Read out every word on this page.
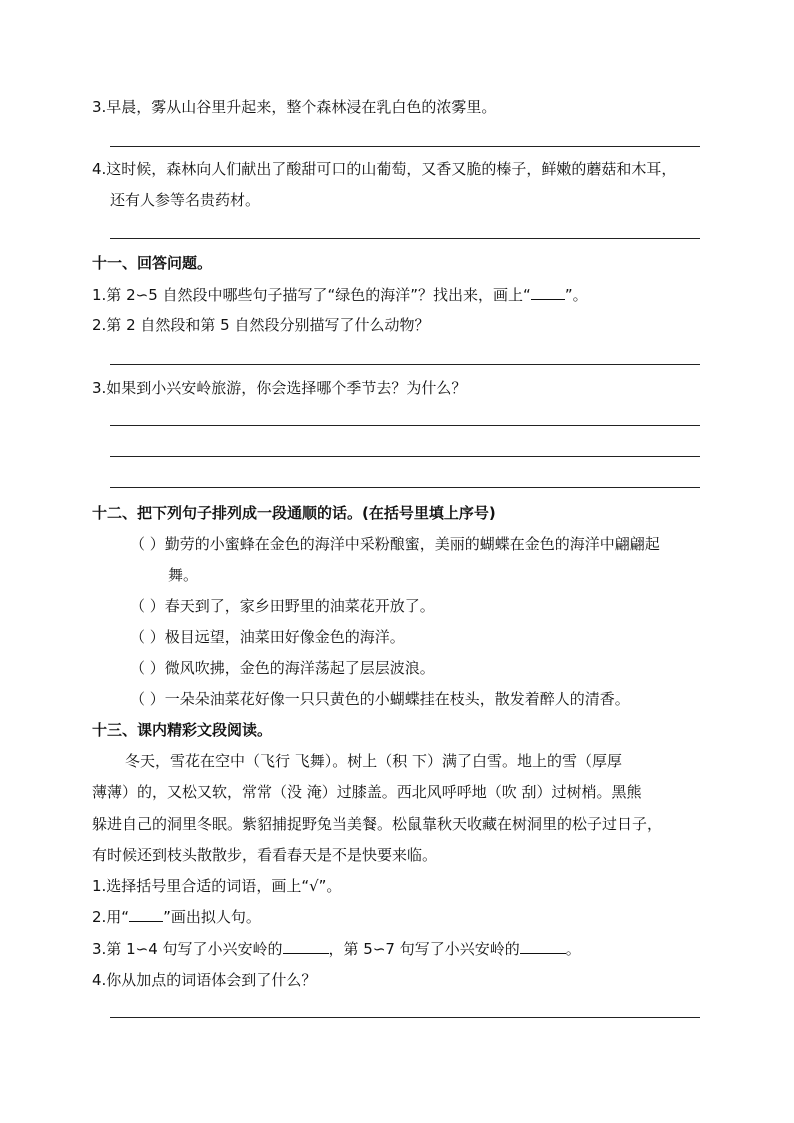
3.早晨，雾从山谷里升起来，整个森林浸在乳白色的浓雾里。
4.这时候，森林向人们献出了酸甜可口的山葡萄，又香又脆的榛子，鲜嫩的蘑菇和木耳，
还有人参等名贵药材。
十一、回答问题。
1.第 2∽5 自然段中哪些句子描写了“绿色的海洋”？找出来，画上“ ”。
2.第 2 自然段和第 5 自然段分别描写了什么动物？
3.如果到小兴安岭旅游，你会选择哪个季节去？为什么？
十二、把下列句子排列成一段通顺的话。(在括号里填上序号)
（ ）勤劳的小蜜蜂在金色的海洋中采粉酿蜜，美丽的蝴蝶在金色的海洋中翩翩起
舞。
（ ）春天到了，家乡田野里的油菜花开放了。
（ ）极目远望，油菜田好像金色的海洋。
（ ）微风吹拂，金色的海洋荡起了层层波浪。
（ ）一朵朵油菜花好像一只只黄色的小蝴蝶挂在枝头，散发着醉人的清香。
十三、课内精彩文段阅读。
冬天，雪花在空中（飞行 飞舞）。树上（积 下）满了白雪。地上的雪（厚厚
薄薄）的，又松又软，常常（没 淹）过膝盖。西北风呼呼地（吹 刮）过树梢。黑熊
躲进自己的洞里冬眠。紫貂捕捉野兔当美餐。松鼠靠秋天收藏在树洞里的松子过日子，
有时候还到枝头散散步，看看春天是不是快要来临。
1.选择括号里合适的词语，画上“√”。
2.用“ ”画出拟人句。
3.第 1∽4 句写了小兴安岭的	，第 5∽7 句写了小兴安岭的	。
4.你从加点的词语体会到了什么？
